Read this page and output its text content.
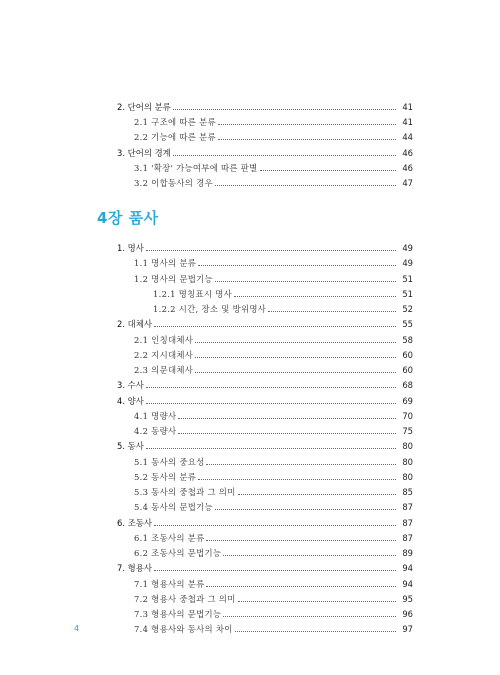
2. 단어의 분류	41
2.1 구조에 따른 분류	41
2.2 기능에 따른 분류	44
3. 단어의 경계	46
3.1 '확장' 가능여부에 따른 판별	46
3.2 이합동사의 경우	47
4장 품사
1. 명사	49
1.1 명사의 분류	49
1.2 명사의 문법기능	51
1.2.1 명칭표시 명사	51
1.2.2 시간, 장소 및 방위명사	52
2. 대체사	55
2.1 인칭대체사	58
2.2 지시대체사	60
2.3 의문대체사	60
3. 수사	68
4. 양사	69
4.1 명량사	70
4.2 동량사	75
5. 동사	80
5.1 동사의 중요성	80
5.2 동사의 분류	80
5.3 동사의 중첩과 그 의미	85
5.4 동사의 문법기능	87
6. 조동사	87
6.1 조동사의 분류	87
6.2 조동사의 문법기능	89
7. 형용사	94
7.1 형용사의 분류	94
7.2 형용사 중첩과 그 의미	95
7.3 형용사의 문법기능	96
7.4 형용사와 동사의 차이	97
4
